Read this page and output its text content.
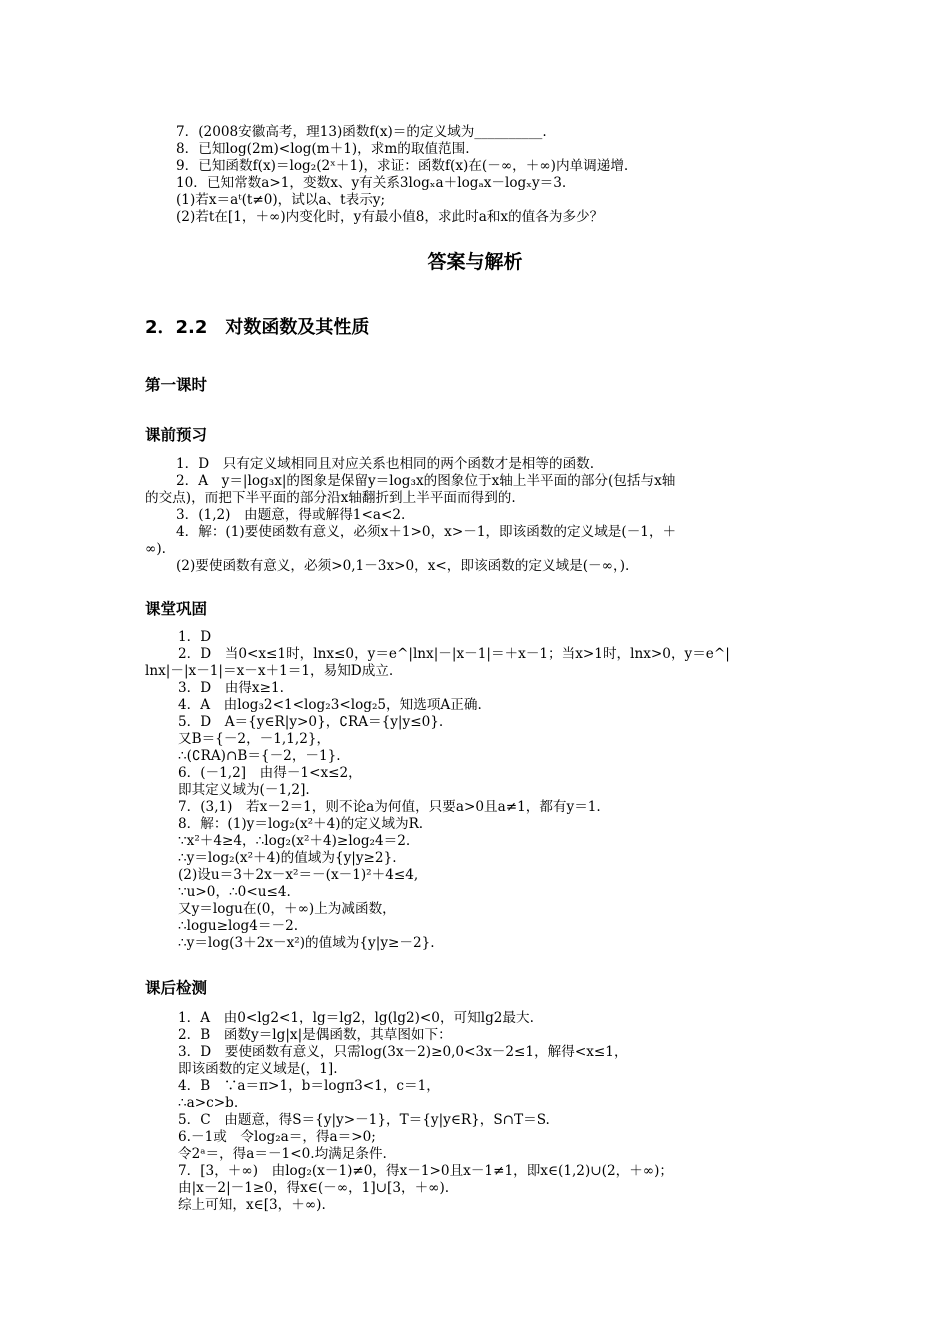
7．(2008安徽高考，理13)函数f(x)＝的定义域为__________.
8．已知log(2m)<log(m＋1)，求m的取值范围.
9．已知函数f(x)＝log₂(2ˣ＋1)，求证：函数f(x)在(－∞，＋∞)内单调递增.
10．已知常数a>1，变数x、y有关系3logₓa＋logₐx－logₓy＝3.
(1)若x＝aᵗ(t≠0)，试以a、t表示y;
(2)若t在[1，＋∞)内变化时，y有最小值8，求此时a和x的值各为多少？
答案与解析
2．2.2　对数函数及其性质
第一课时
课前预习
1．D　只有定义域相同且对应关系也相同的两个函数才是相等的函数.
2．A　y＝|log₃x|的图象是保留y＝log₃x的图象位于x轴上半平面的部分(包括与x轴
的交点)，而把下半平面的部分沿x轴翻折到上半平面而得到的.
3．(1,2)　由题意，得或解得1<a<2.
4．解：(1)要使函数有意义，必须x＋1>0，x>－1，即该函数的定义域是(－1，＋
∞).
(2)要使函数有意义，必须>0,1－3x>0，x<，即该函数的定义域是(－∞，).
课堂巩固
1．D
2．D　当0<x≤1时，lnx≤0，y＝e^|lnx|－|x－1|＝＋x－1；当x>1时，lnx>0，y＝e^|
lnx|－|x－1|＝x－x＋1＝1，易知D成立.
3．D　由得x≥1.
4．A　由log₃2<1<log₂3<log₂5，知选项A正确.
5．D　A＝{y∈R|y>0}，∁RA＝{y|y≤0}.
又B＝{－2，－1,1,2}，
∴(∁RA)∩B＝{－2，－1}.
6．(－1,2]　由得－1<x≤2，
即其定义域为(－1,2].
7．(3,1)　若x－2＝1，则不论a为何值，只要a>0且a≠1，都有y＝1.
8．解：(1)y＝log₂(x²＋4)的定义域为R.
∵x²＋4≥4，∴log₂(x²＋4)≥log₂4＝2.
∴y＝log₂(x²＋4)的值域为{y|y≥2}.
(2)设u＝3＋2x－x²＝－(x－1)²＋4≤4,
∵u>0，∴0<u≤4.
又y＝logu在(0，＋∞)上为减函数，
∴logu≥log4＝－2.
∴y＝log(3＋2x－x²)的值域为{y|y≥－2}.
课后检测
1．A　由0<lg2<1，lg＝lg2，lg(lg2)<0，可知lg2最大.
2．B　函数y＝lg|x|是偶函数，其草图如下：
3．D　要使函数有意义，只需log(3x－2)≥0,0<3x－2≤1，解得<x≤1，
即该函数的定义域是(，1].
4．B　∵a＝π>1，b＝logπ3<1，c＝1，
∴a>c>b.
5．C　由题意，得S＝{y|y>－1}，T＝{y|y∈R}，S∩T＝S.
6.－1或　令log₂a＝，得a＝>0;
令2ᵃ＝，得a＝－1<0.均满足条件.
7．[3，＋∞)　由log₂(x－1)≠0，得x－1>0且x－1≠1，即x∈(1,2)∪(2，＋∞)；
由|x－2|－1≥0，得x∈(－∞，1]∪[3，＋∞).
综上可知，x∈[3，＋∞).
